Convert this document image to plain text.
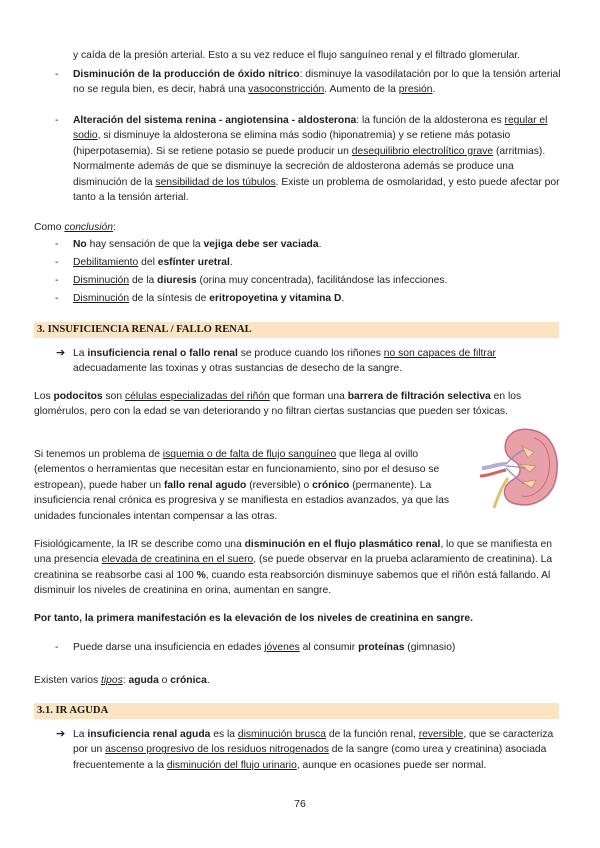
y caída de la presión arterial. Esto a su vez reduce el flujo sanguíneo renal y el filtrado glomerular.

- Disminución de la producción de óxido nítrico: disminuye la vasodilatación por lo que la tensión arterial no se regula bien, es decir, habrá una vasoconstricción. Aumento de la presión.

- Alteración del sistema renina - angiotensina - aldosterona: la función de la aldosterona es regular el sodio, si disminuye la aldosterona se elimina más sodio (hiponatremia) y se retiene más potasio (hiperpotasemia). Si se retiene potasio se puede producir un desequilibrio electrolítico grave (arritmias). Normalmente además de que se disminuye la secreción de aldosterona además se produce una disminución de la sensibilidad de los túbulos. Existe un problema de osmolaridad, y esto puede afectar por tanto a la tensión arterial.

Como conclusión:

- No hay sensación de que la vejiga debe ser vaciada.

- Debilitamiento del esfínter uretral.

- Disminución de la diuresis (orina muy concentrada), facilitándose las infecciones.

- Disminución de la síntesis de eritropoyetina y vitamina D.

3. INSUFICIENCIA RENAL / FALLO RENAL
➔ La insuficiencia renal o fallo renal se produce cuando los riñones no son capaces de filtrar adecuadamente las toxinas y otras sustancias de desecho de la sangre.

Los podocitos son células especializadas del riñón que forman una barrera de filtración selectiva en los glomérulos, pero con la edad se van deteriorando y no filtran ciertas sustancias que pueden ser tóxicas.

Si tenemos un problema de isquemia o de falta de flujo sanguíneo que llega al ovillo (elementos o herramientas que necesitan estar en funcionamiento, sino por el desuso se estropean), puede haber un fallo renal agudo (reversible) o crónico (permanente). La insuficiencia renal crónica es progresiva y se manifiesta en estadios avanzados, ya que las unidades funcionales intentan compensar a las otras.

Fisiológicamente, la IR se describe como una disminución en el flujo plasmático renal, lo que se manifiesta en una presencia elevada de creatinina en el suero, (se puede observar en la prueba aclaramiento de creatinina). La creatinina se reabsorbe casi al 100 %, cuando esta reabsorción disminuye sabemos que el riñón está fallando. Al disminuir los niveles de creatinina en orina, aumentan en sangre.

Por tanto, la primera manifestación es la elevación de los niveles de creatinina en sangre.

- Puede darse una insuficiencia en edades jóvenes al consumir proteínas (gimnasio)

Existen varios tipos: aguda o crónica.

3.1. IR AGUDA
➔ La insuficiencia renal aguda es la disminución brusca de la función renal, reversible, que se caracteriza por un ascenso progresivo de los residuos nitrogenados de la sangre (como urea y creatinina) asociada frecuentemente a la disminución del flujo urinario, aunque en ocasiones puede ser normal.
76
